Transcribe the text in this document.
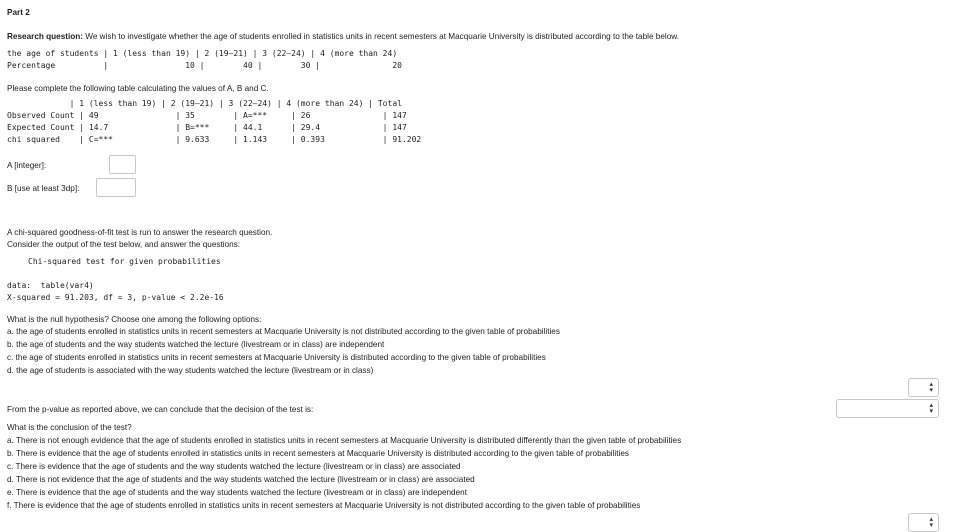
Part 2
Research question: We wish to investigate whether the age of students enrolled in statistics units in recent semesters at Macquarie University is distributed according to the table below.
the age of students | 1 (less than 19) | 2 (19–21) | 3 (22–24) | 4 (more than 24)
Percentage          |                10 |        40 |        30 |               20
Please complete the following table calculating the values of A, B and C.
| 1 (less than 19) | 2 (19–21) | 3 (22–24) | 4 (more than 24) | Total
Observed Count | 49                | 35        | A=***     | 26               | 147
Expected Count | 14.7              | B=***     | 44.1      | 29.4             | 147
chi squared    | C=***             | 9.633     | 1.143     | 0.393            | 91.202
A [integer]:
B [use at least 3dp]:
A chi-squared goodness-of-fit test is run to answer the research question.
Consider the output of the test below, and answer the questions:
Chi-squared test for given probabilities
data:  table(var4)
X-squared = 91.203, df = 3, p-value < 2.2e-16
What is the null hypothesis? Choose one among the following options:
a. the age of students enrolled in statistics units in recent semesters at Macquarie University is not distributed according to the given table of probabilities
b. the age of students and the way students watched the lecture (livestream or in class) are independent
c. the age of students enrolled in statistics units in recent semesters at Macquarie University is distributed according to the given table of probabilities
d. the age of students is associated with the way students watched the lecture (livestream or in class)
▴
▾
From the p-value as reported above, we can conclude that the decision of the test is:	▴
▾
What is the conclusion of the test?
a. There is not enough evidence that the age of students enrolled in statistics units in recent semesters at Macquarie University is distributed differently than the given table of probabilities
b. There is evidence that the age of students enrolled in statistics units in recent semesters at Macquarie University is distributed according to the given table of probabilities
c. There is evidence that the age of students and the way students watched the lecture (livestream or in class) are associated
d. There is not evidence that the age of students and the way students watched the lecture (livestream or in class) are associated
e. There is evidence that the age of students and the way students watched the lecture (livestream or in class) are independent
f. There is evidence that the age of students enrolled in statistics units in recent semesters at Macquarie University is not distributed according to the given table of probabilities
▴
▾
